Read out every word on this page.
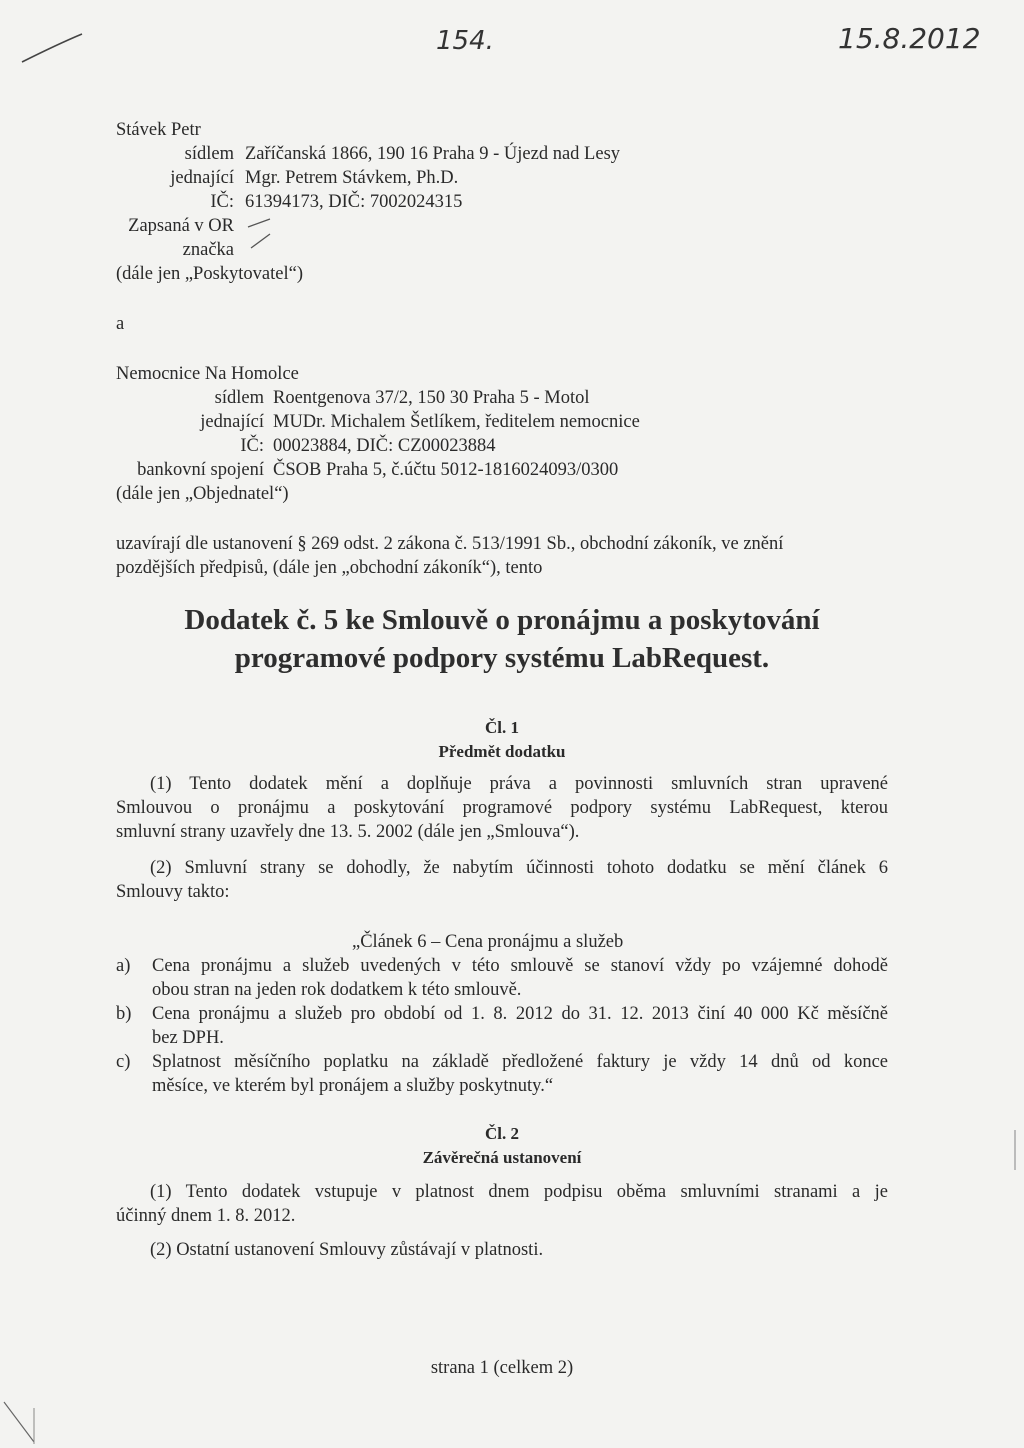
154.	15.8.2012
Stávek Petr
sídlem Zaříčanská 1866, 190 16 Praha 9 - Újezd nad Lesy
jednající Mgr. Petrem Stávkem, Ph.D.
IČ: 61394173, DIČ: 7002024315
Zapsaná v OR
značka
(dále jen „Poskytovatel“)
a
Nemocnice Na Homolce
sídlem Roentgenova 37/2, 150 30 Praha 5 - Motol
jednající MUDr. Michalem Šetlíkem, ředitelem nemocnice
IČ: 00023884, DIČ: CZ00023884
bankovní spojení ČSOB Praha 5, č.účtu 5012-1816024093/0300
(dále jen „Objednatel“)
uzavírají dle ustanovení § 269 odst. 2 zákona č. 513/1991 Sb., obchodní zákoník, ve znění
pozdějších předpisů, (dále jen „obchodní zákoník“), tento
Dodatek č. 5 ke Smlouvě o pronájmu a poskytování
programové podpory systému LabRequest.
Čl. 1
Předmět dodatku
(1) Tento dodatek mění a doplňuje práva a povinnosti smluvních stran upravené
Smlouvou o pronájmu a poskytování programové podpory systému LabRequest, kterou
smluvní strany uzavřely dne 13. 5. 2002 (dále jen „Smlouva“).
(2) Smluvní strany se dohodly, že nabytím účinnosti tohoto dodatku se mění článek 6
Smlouvy takto:
„Článek 6 – Cena pronájmu a služeb
a) Cena pronájmu a služeb uvedených v této smlouvě se stanoví vždy po vzájemné dohodě
obou stran na jeden rok dodatkem k této smlouvě.
b) Cena pronájmu a služeb pro období od 1. 8. 2012 do 31. 12. 2013 činí 40 000 Kč měsíčně
bez DPH.
c) Splatnost měsíčního poplatku na základě předložené faktury je vždy 14 dnů od konce
měsíce, ve kterém byl pronájem a služby poskytnuty.“
Čl. 2
Závěrečná ustanovení
(1) Tento dodatek vstupuje v platnost dnem podpisu oběma smluvními stranami a je
účinný dnem 1. 8. 2012.
(2) Ostatní ustanovení Smlouvy zůstávají v platnosti.
strana 1 (celkem 2)
